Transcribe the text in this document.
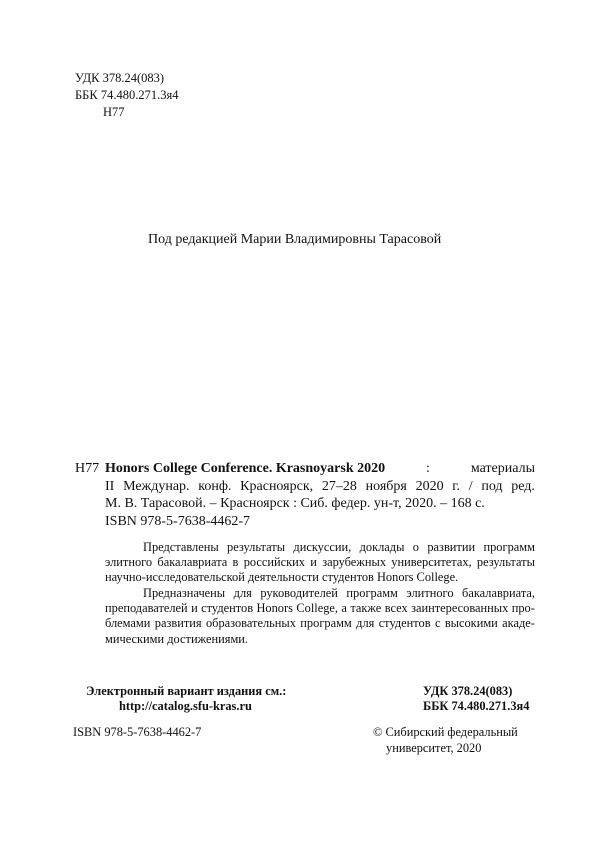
УДК 378.24(083)
ББК 74.480.271.3я4
Н77
Под редакцией Марии Владимировны Тарасовой
Н77 Honors College Conference. Krasnoyarsk 2020	:	материалы
II Междунар. конф. Красноярск, 27–28 ноября 2020 г. / под ред.
М. В. Тарасовой. – Красноярск : Сиб. федер. ун-т, 2020. – 168 с.
ISBN 978-5-7638-4462-7
Представлены результаты дискуссии, доклады о развитии программ
элитного бакалавриата в российских и зарубежных университетах, результаты
научно-исследовательской деятельности студентов Honors College.
Предназначены для руководителей программ элитного бакалавриата,
преподавателей и студентов Honors College, а также всех заинтересованных про-
блемами развития образовательных программ для студентов с высокими акаде-
мическими достижениями.
Электронный вариант издания см.:
http://catalog.sfu-kras.ru
УДК 378.24(083)
ББК 74.480.271.3я4
ISBN 978-5-7638-4462-7	© Сибирский федеральный
университет, 2020
